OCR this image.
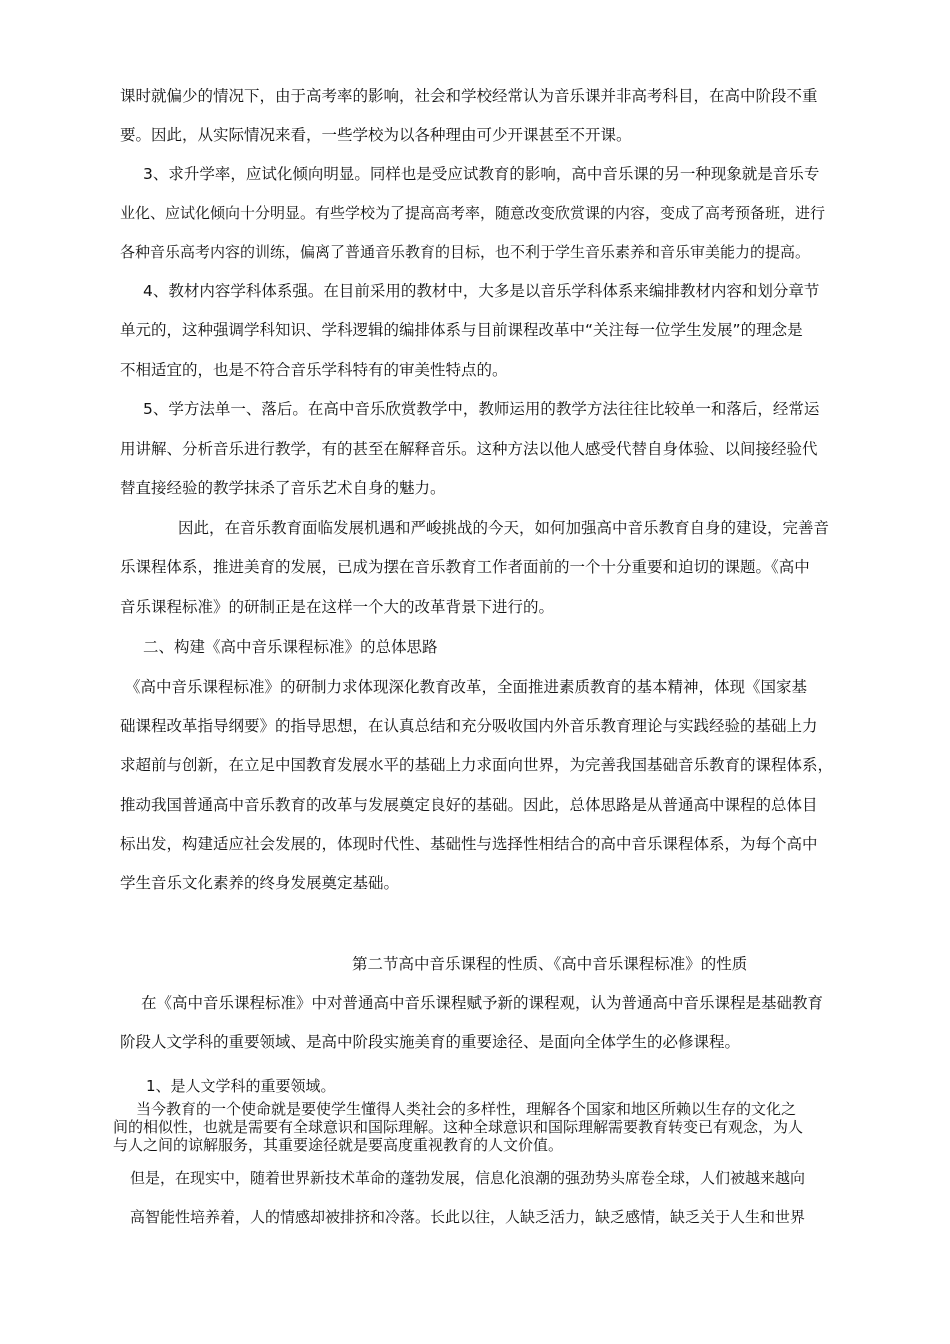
课时就偏少的情况下，由于高考率的影响，社会和学校经常认为音乐课并非高考科目，在高中阶段不重
要。因此，从实际情况来看，一些学校为以各种理由可少开课甚至不开课。
3、求升学率，应试化倾向明显。同样也是受应试教育的影响，高中音乐课的另一种现象就是音乐专
业化、应试化倾向十分明显。有些学校为了提高高考率，随意改变欣赏课的内容，变成了高考预备班，进行
各种音乐高考内容的训练，偏离了普通音乐教育的目标，也不利于学生音乐素养和音乐审美能力的提高。
4、教材内容学科体系强。在目前采用的教材中，大多是以音乐学科体系来编排教材内容和划分章节
单元的，这种强调学科知识、学科逻辑的编排体系与目前课程改革中“关注每一位学生发展”的理念是
不相适宜的，也是不符合音乐学科特有的审美性特点的。
5、学方法单一、落后。在高中音乐欣赏教学中，教师运用的教学方法往往比较单一和落后，经常运
用讲解、分析音乐进行教学，有的甚至在解释音乐。这种方法以他人感受代替自身体验、以间接经验代
替直接经验的教学抹杀了音乐艺术自身的魅力。
因此，在音乐教育面临发展机遇和严峻挑战的今天，如何加强高中音乐教育自身的建设，完善音
乐课程体系，推进美育的发展，已成为摆在音乐教育工作者面前的一个十分重要和迫切的课题。《高中
音乐课程标准》的研制正是在这样一个大的改革背景下进行的。
二、构建《高中音乐课程标准》的总体思路
《高中音乐课程标准》的研制力求体现深化教育改革，全面推进素质教育的基本精神，体现《国家基
础课程改革指导纲要》的指导思想，在认真总结和充分吸收国内外音乐教育理论与实践经验的基础上力
求超前与创新，在立足中国教育发展水平的基础上力求面向世界，为完善我国基础音乐教育的课程体系，
推动我国普通高中音乐教育的改革与发展奠定良好的基础。因此，总体思路是从普通高中课程的总体目
标出发，构建适应社会发展的，体现时代性、基础性与选择性相结合的高中音乐课程体系，为每个高中
学生音乐文化素养的终身发展奠定基础。
第二节高中音乐课程的性质、《高中音乐课程标准》的性质
在《高中音乐课程标准》中对普通高中音乐课程赋予新的课程观，认为普通高中音乐课程是基础教育
阶段人文学科的重要领域、是高中阶段实施美育的重要途径、是面向全体学生的必修课程。
1、是人文学科的重要领域。
当今教育的一个使命就是要使学生懂得人类社会的多样性，理解各个国家和地区所赖以生存的文化之
间的相似性，也就是需要有全球意识和国际理解。这种全球意识和国际理解需要教育转变已有观念，为人
与人之间的谅解服务，其重要途径就是要高度重视教育的人文价值。
但是，在现实中，随着世界新技术革命的蓬勃发展，信息化浪潮的强劲势头席卷全球，人们被越来越向
高智能性培养着，人的情感却被排挤和冷落。长此以往，人缺乏活力，缺乏感情，缺乏关于人生和世界
